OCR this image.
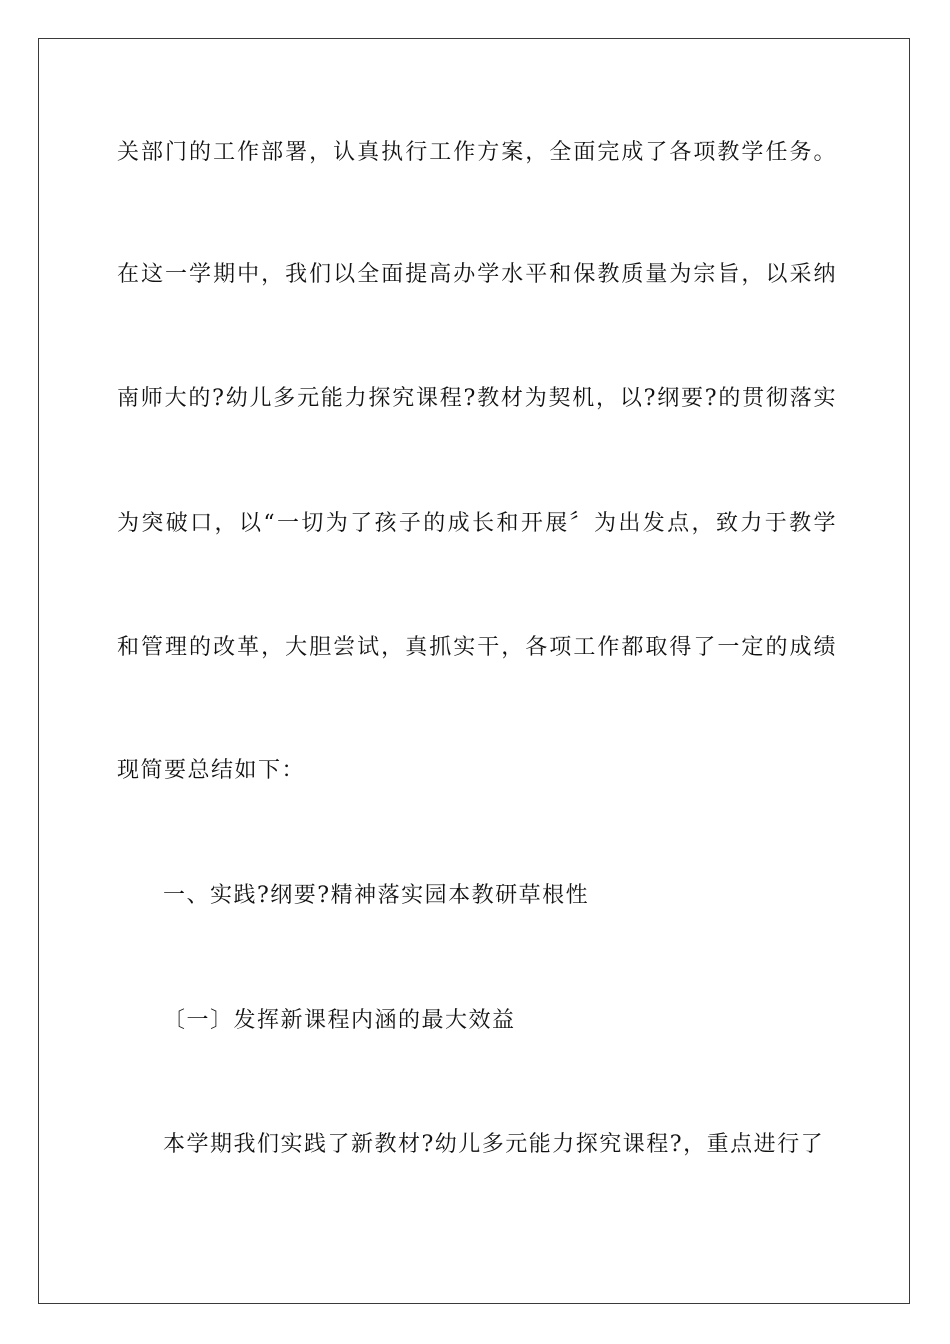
关部门的工作部署，认真执行工作方案，全面完成了各项教学任务。
在这一学期中，我们以全面提高办学水平和保教质量为宗旨，以采纳
南师大的?幼儿多元能力探究课程?教材为契机，以?纲要?的贯彻落实
为突破口，以“一切为了孩子的成长和开展〞为出发点，致力于教学
和管理的改革，大胆尝试，真抓实干，各项工作都取得了一定的成绩
现简要总结如下：
一、实践?纲要?精神落实园本教研草根性
〔一〕发挥新课程内涵的最大效益
本学期我们实践了新教材?幼儿多元能力探究课程?，重点进行了
